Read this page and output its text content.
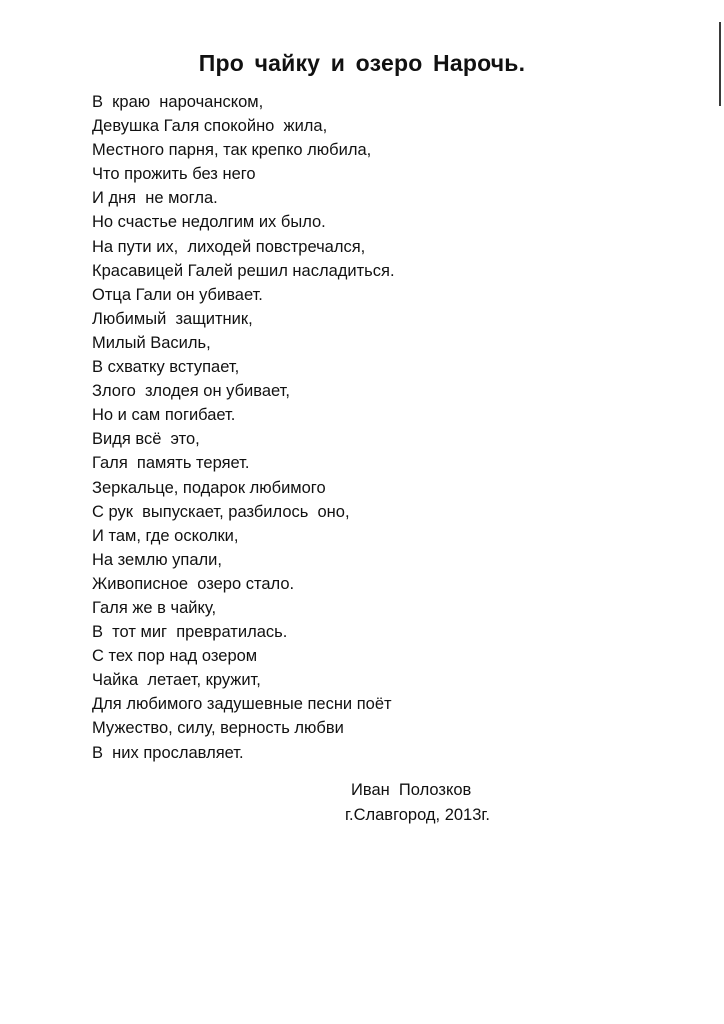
Про чайку и озеро Нарочь.
В  краю  нарочанском,
Девушка Галя спокойно  жила,
Местного парня, так крепко любила,
Что прожить без него
И дня  не могла.
Но счастье недолгим их было.
На пути их,  лиходей повстречался,
Красавицей Галей решил насладиться.
Отца Гали он убивает.
Любимый  защитник,
Милый Василь,
В схватку вступает,
Злого  злодея он убивает,
Но и сам погибает.
Видя всё  это,
Галя  память теряет.
Зеркальце, подарок любимого
С рук  выпускает, разбилось  оно,
И там, где осколки,
На землю упали,
Живописное  озеро стало.
Галя же в чайку,
В  тот миг  превратилась.
С тех пор над озером
Чайка  летает, кружит,
Для любимого задушевные песни поёт
Мужество, силу, верность любви
В  них прославляет.
Иван  Полозков
г.Славгород, 2013г.
